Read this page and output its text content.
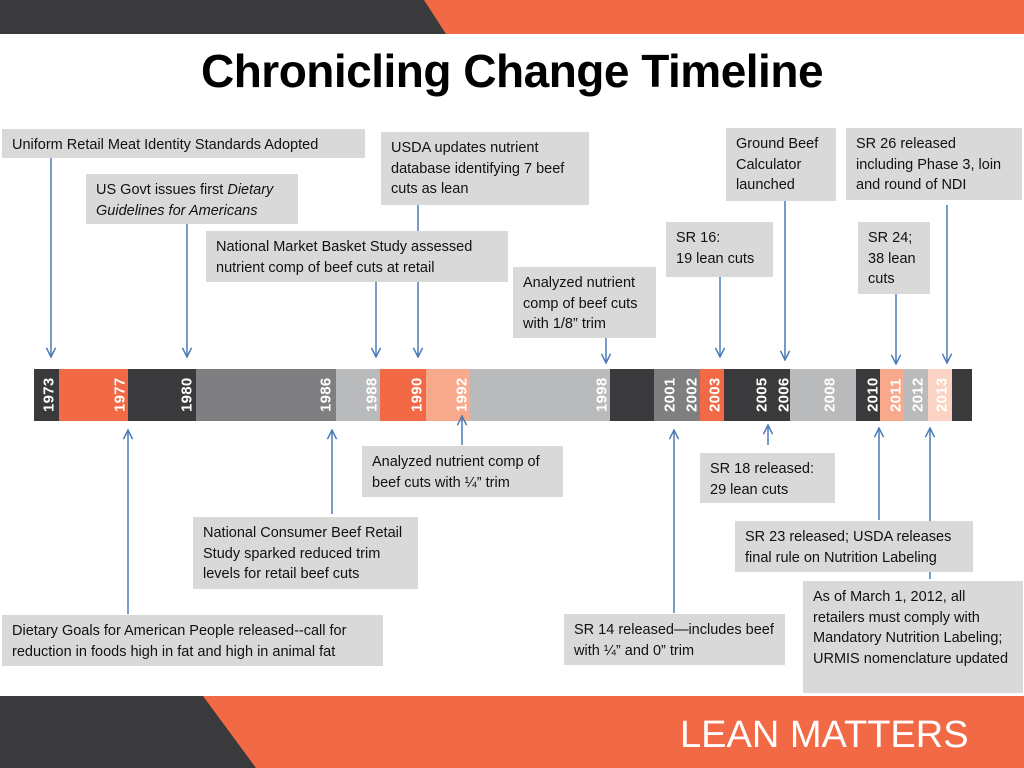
Chronicling Change Timeline
1973	1977	1980	1986 1988 1990 1992	1998	2001 2002 2003 2005 2006 2008 2010 2011 2012 2013
Uniform Retail Meat Identity Standards Adopted
US Govt issues first Dietary Guidelines for Americans
National Market Basket Study assessed nutrient comp of beef cuts at retail
USDA updates nutrient database identifying 7 beef cuts as lean
Analyzed nutrient comp of beef cuts with 1/8” trim
SR 16:
19 lean cuts
Ground Beef Calculator launched
SR 24; 38 lean cuts
SR 26 released including Phase 3, loin and round of NDI
Analyzed nutrient comp of beef cuts with ¼” trim
SR 18 released:
29 lean cuts
National Consumer Beef Retail Study sparked reduced trim levels for retail beef cuts
SR 23 released; USDA releases final rule on Nutrition Labeling
As of March 1, 2012, all retailers must comply with Mandatory Nutrition Labeling; URMIS nomenclature updated
SR 14 released—includes beef with ¼” and 0” trim
Dietary Goals for American People released--call for reduction in foods high in fat and high in animal fat
LEAN MATTERS
